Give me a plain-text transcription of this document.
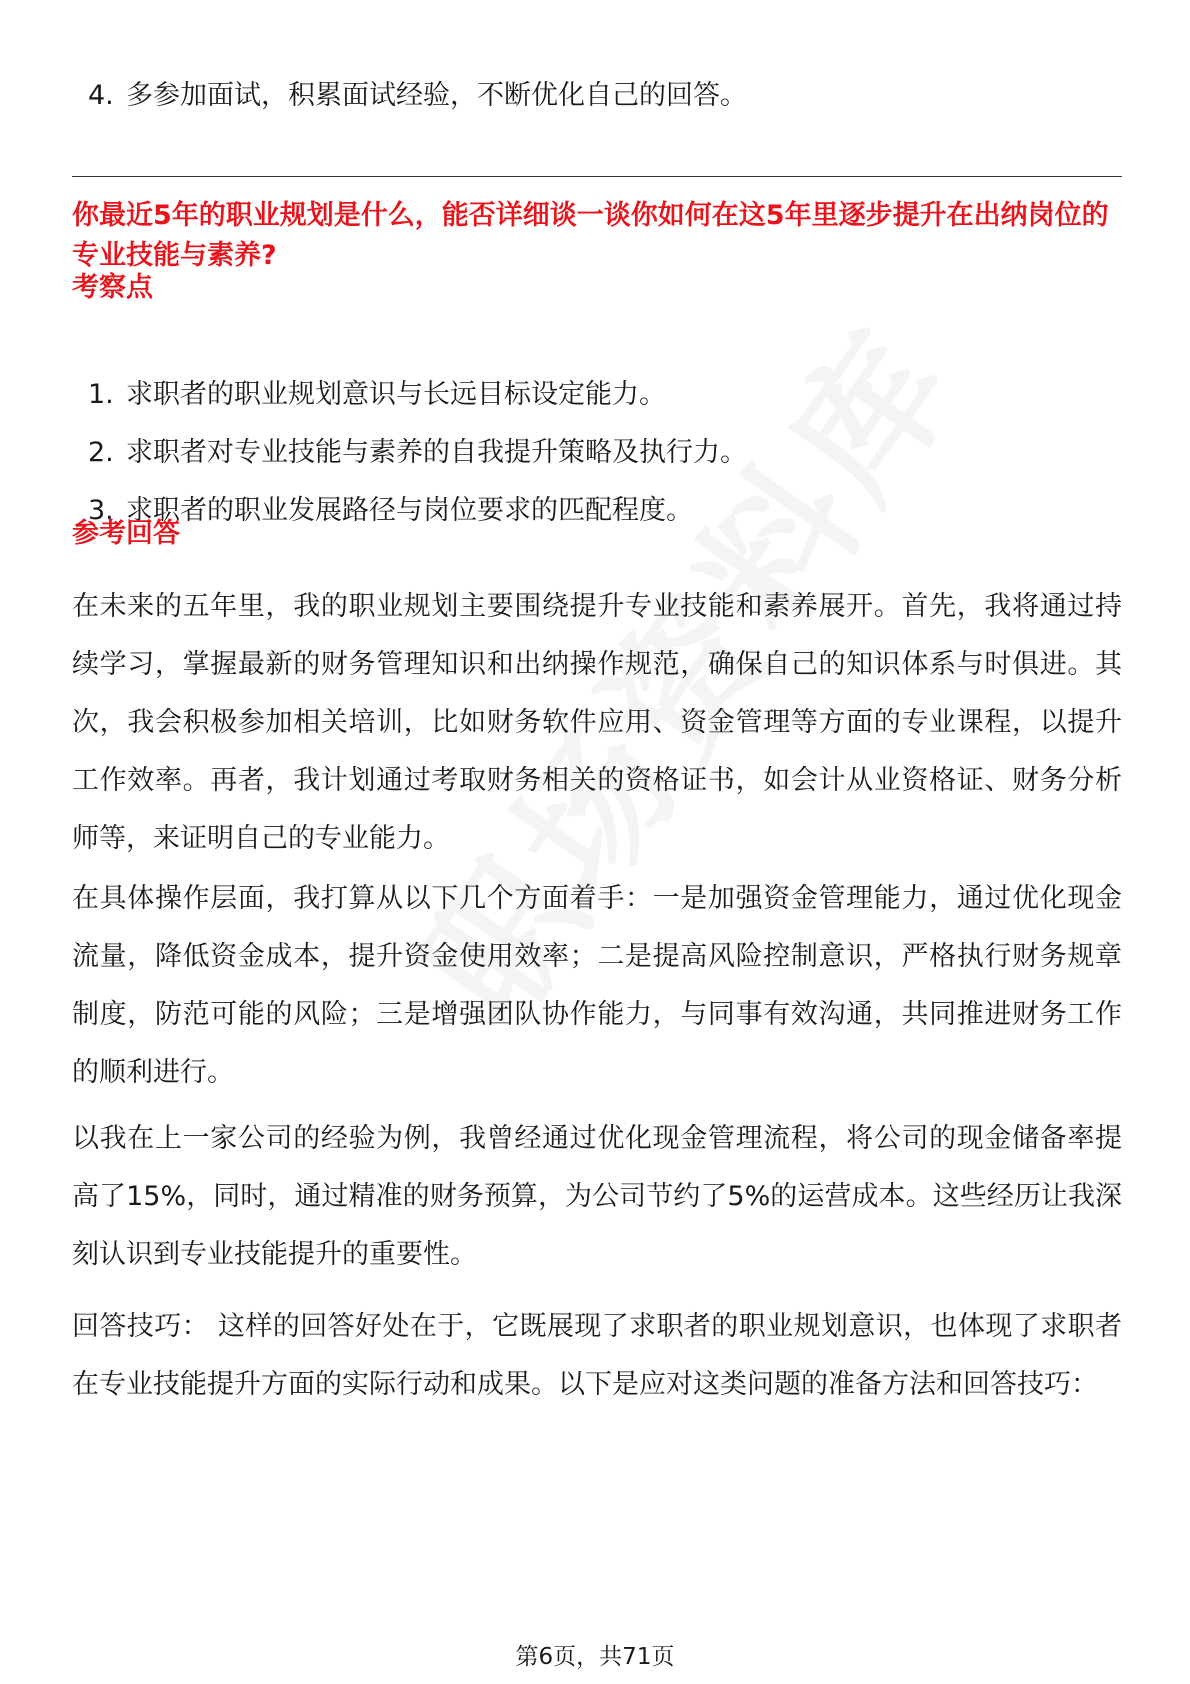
4. 多参加面试，积累面试经验，不断优化自己的回答。
你最近5年的职业规划是什么，能否详细谈一谈你如何在这5年里逐步提升在出纳岗位的专业技能与素养?
考察点
1. 求职者的职业规划意识与长远目标设定能力。
2. 求职者对专业技能与素养的自我提升策略及执行力。
3. 求职者的职业发展路径与岗位要求的匹配程度。
参考回答

在未来的五年里，我的职业规划主要围绕提升专业技能和素养展开。首先，我将通过持续学习，掌握最新的财务管理知识和出纳操作规范，确保自己的知识体系与时俱进。其次，我会积极参加相关培训，比如财务软件应用、资金管理等方面的专业课程，以提升工作效率。再者，我计划通过考取财务相关的资格证书，如会计从业资格证、财务分析师等，来证明自己的专业能力。

在具体操作层面，我打算从以下几个方面着手：一是加强资金管理能力，通过优化现金流量，降低资金成本，提升资金使用效率；二是提高风险控制意识，严格执行财务规章制度，防范可能的风险；三是增强团队协作能力，与同事有效沟通，共同推进财务工作的顺利进行。

以我在上一家公司的经验为例，我曾经通过优化现金管理流程，将公司的现金储备率提高了15%，同时，通过精准的财务预算，为公司节约了5%的运营成本。这些经历让我深刻认识到专业技能提升的重要性。

回答技巧： 这样的回答好处在于，它既展现了求职者的职业规划意识，也体现了求职者在专业技能提升方面的实际行动和成果。以下是应对这类问题的准备方法和回答技巧：

第6页，共71页
